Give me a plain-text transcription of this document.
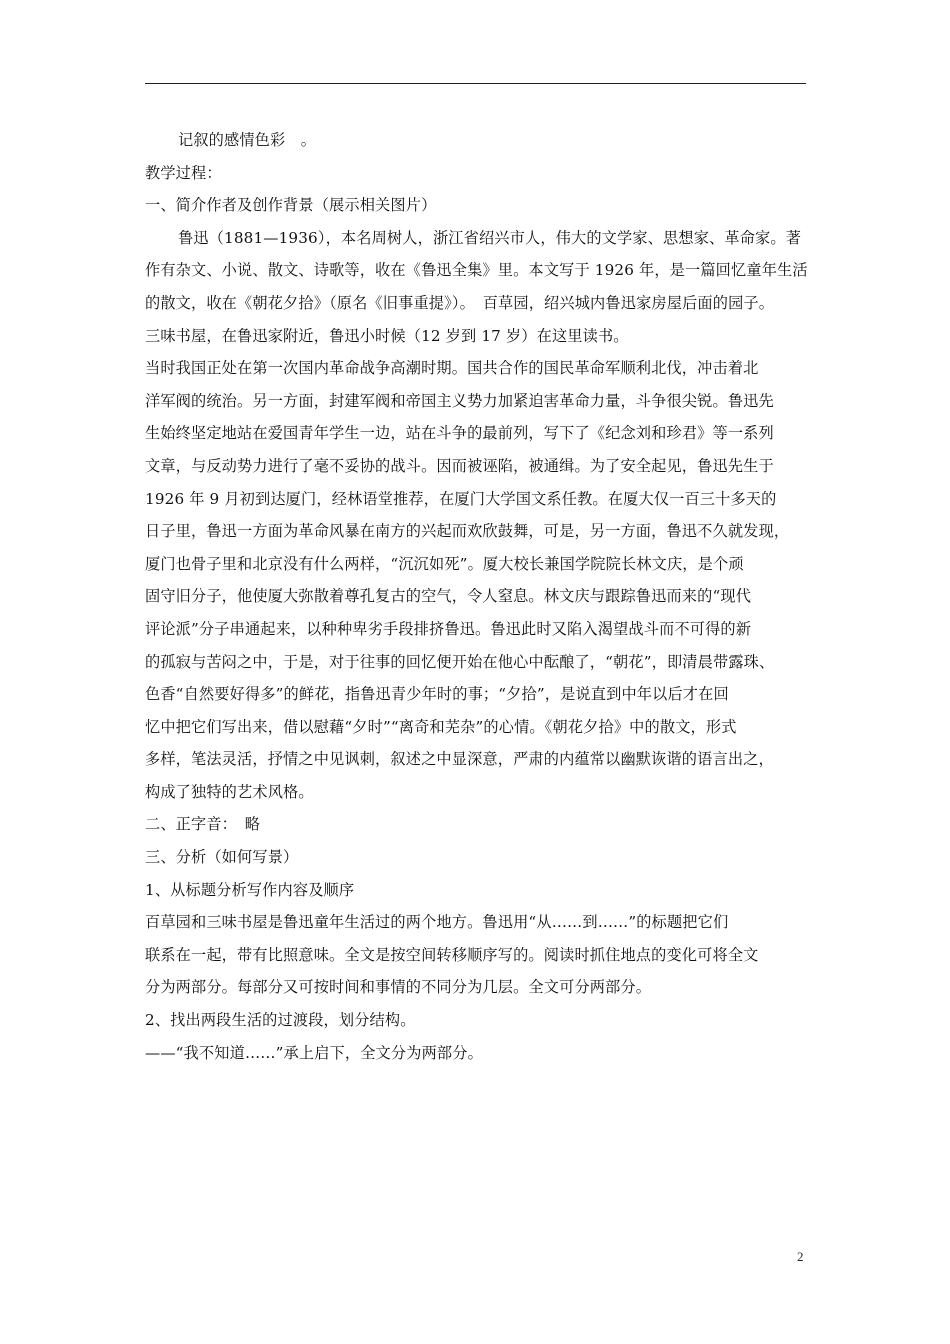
记叙的感情色彩　。
教学过程：
一、简介作者及创作背景（展示相关图片）
鲁迅（1881—1936），本名周树人，浙江省绍兴市人，伟大的文学家、思想家、革命家。著
作有杂文、小说、散文、诗歌等，收在《鲁迅全集》里。本文写于 1926 年，是一篇回忆童年生活
的散文，收在《朝花夕拾》（原名《旧事重提》）。　百草园，绍兴城内鲁迅家房屋后面的园子。
三味书屋，在鲁迅家附近，鲁迅小时候（12 岁到 17 岁）在这里读书。
当时我国正处在第一次国内革命战争高潮时期。国共合作的国民革命军顺利北伐，冲击着北
洋军阀的统治。另一方面，封建军阀和帝国主义势力加紧迫害革命力量，斗争很尖锐。鲁迅先
生始终坚定地站在爱国青年学生一边，站在斗争的最前列，写下了《纪念刘和珍君》等一系列
文章，与反动势力进行了毫不妥协的战斗。因而被诬陷，被通缉。为了安全起见，鲁迅先生于
1926 年 9 月初到达厦门，经林语堂推荐，在厦门大学国文系任教。在厦大仅一百三十多天的
日子里，鲁迅一方面为革命风暴在南方的兴起而欢欣鼓舞，可是，另一方面，鲁迅不久就发现，
厦门也骨子里和北京没有什么两样，“沉沉如死”。厦大校长兼国学院院长林文庆，是个顽
固守旧分子，他使厦大弥散着尊孔复古的空气，令人窒息。林文庆与跟踪鲁迅而来的“现代
评论派”分子串通起来，以种种卑劣手段排挤鲁迅。鲁迅此时又陷入渴望战斗而不可得的新
的孤寂与苦闷之中，于是，对于往事的回忆便开始在他心中酝酿了，“朝花”，即清晨带露珠、
色香“自然要好得多”的鲜花，指鲁迅青少年时的事；“夕拾”，是说直到中年以后才在回
忆中把它们写出来，借以慰藉“夕时”“离奇和芜杂”的心情。《朝花夕拾》中的散文，形式
多样，笔法灵活，抒情之中见讽刺，叙述之中显深意，严肃的内蕴常以幽默诙谐的语言出之，
构成了独特的艺术风格。
二、正字音：　略
三、分析（如何写景）
1、从标题分析写作内容及顺序
百草园和三味书屋是鲁迅童年生活过的两个地方。鲁迅用“从……到……”的标题把它们
联系在一起，带有比照意味。全文是按空间转移顺序写的。阅读时抓住地点的变化可将全文
分为两部分。每部分又可按时间和事情的不同分为几层。全文可分两部分。
2、找出两段生活的过渡段，划分结构。
——“我不知道……”承上启下，全文分为两部分。
2
